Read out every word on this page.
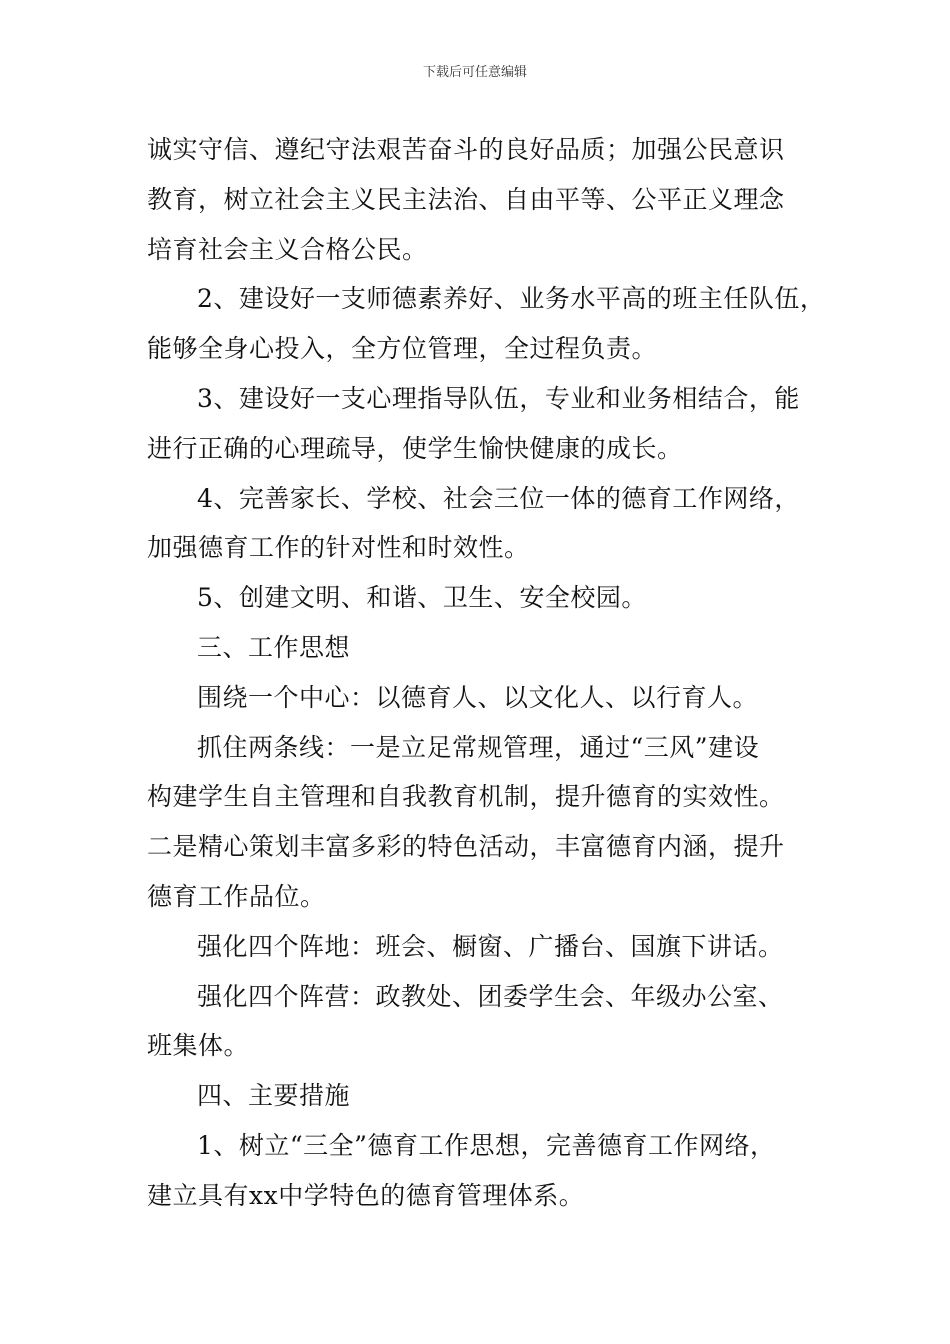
下载后可任意编辑
诚实守信、遵纪守法艰苦奋斗的良好品质；加强公民意识
教育，树立社会主义民主法治、自由平等、公平正义理念
培育社会主义合格公民。
2、建设好一支师德素养好、业务水平高的班主任队伍，
能够全身心投入，全方位管理，全过程负责。
3、建设好一支心理指导队伍，专业和业务相结合，能
进行正确的心理疏导，使学生愉快健康的成长。
4、完善家长、学校、社会三位一体的德育工作网络，
加强德育工作的针对性和时效性。
5、创建文明、和谐、卫生、安全校园。
三、工作思想
围绕一个中心：以德育人、以文化人、以行育人。
抓住两条线：一是立足常规管理，通过“三风”建设
构建学生自主管理和自我教育机制，提升德育的实效性。
二是精心策划丰富多彩的特色活动，丰富德育内涵，提升
德育工作品位。
强化四个阵地：班会、橱窗、广播台、国旗下讲话。
强化四个阵营：政教处、团委学生会、年级办公室、
班集体。
四、主要措施
1、树立“三全”德育工作思想，完善德育工作网络，
建立具有xx中学特色的德育管理体系。
